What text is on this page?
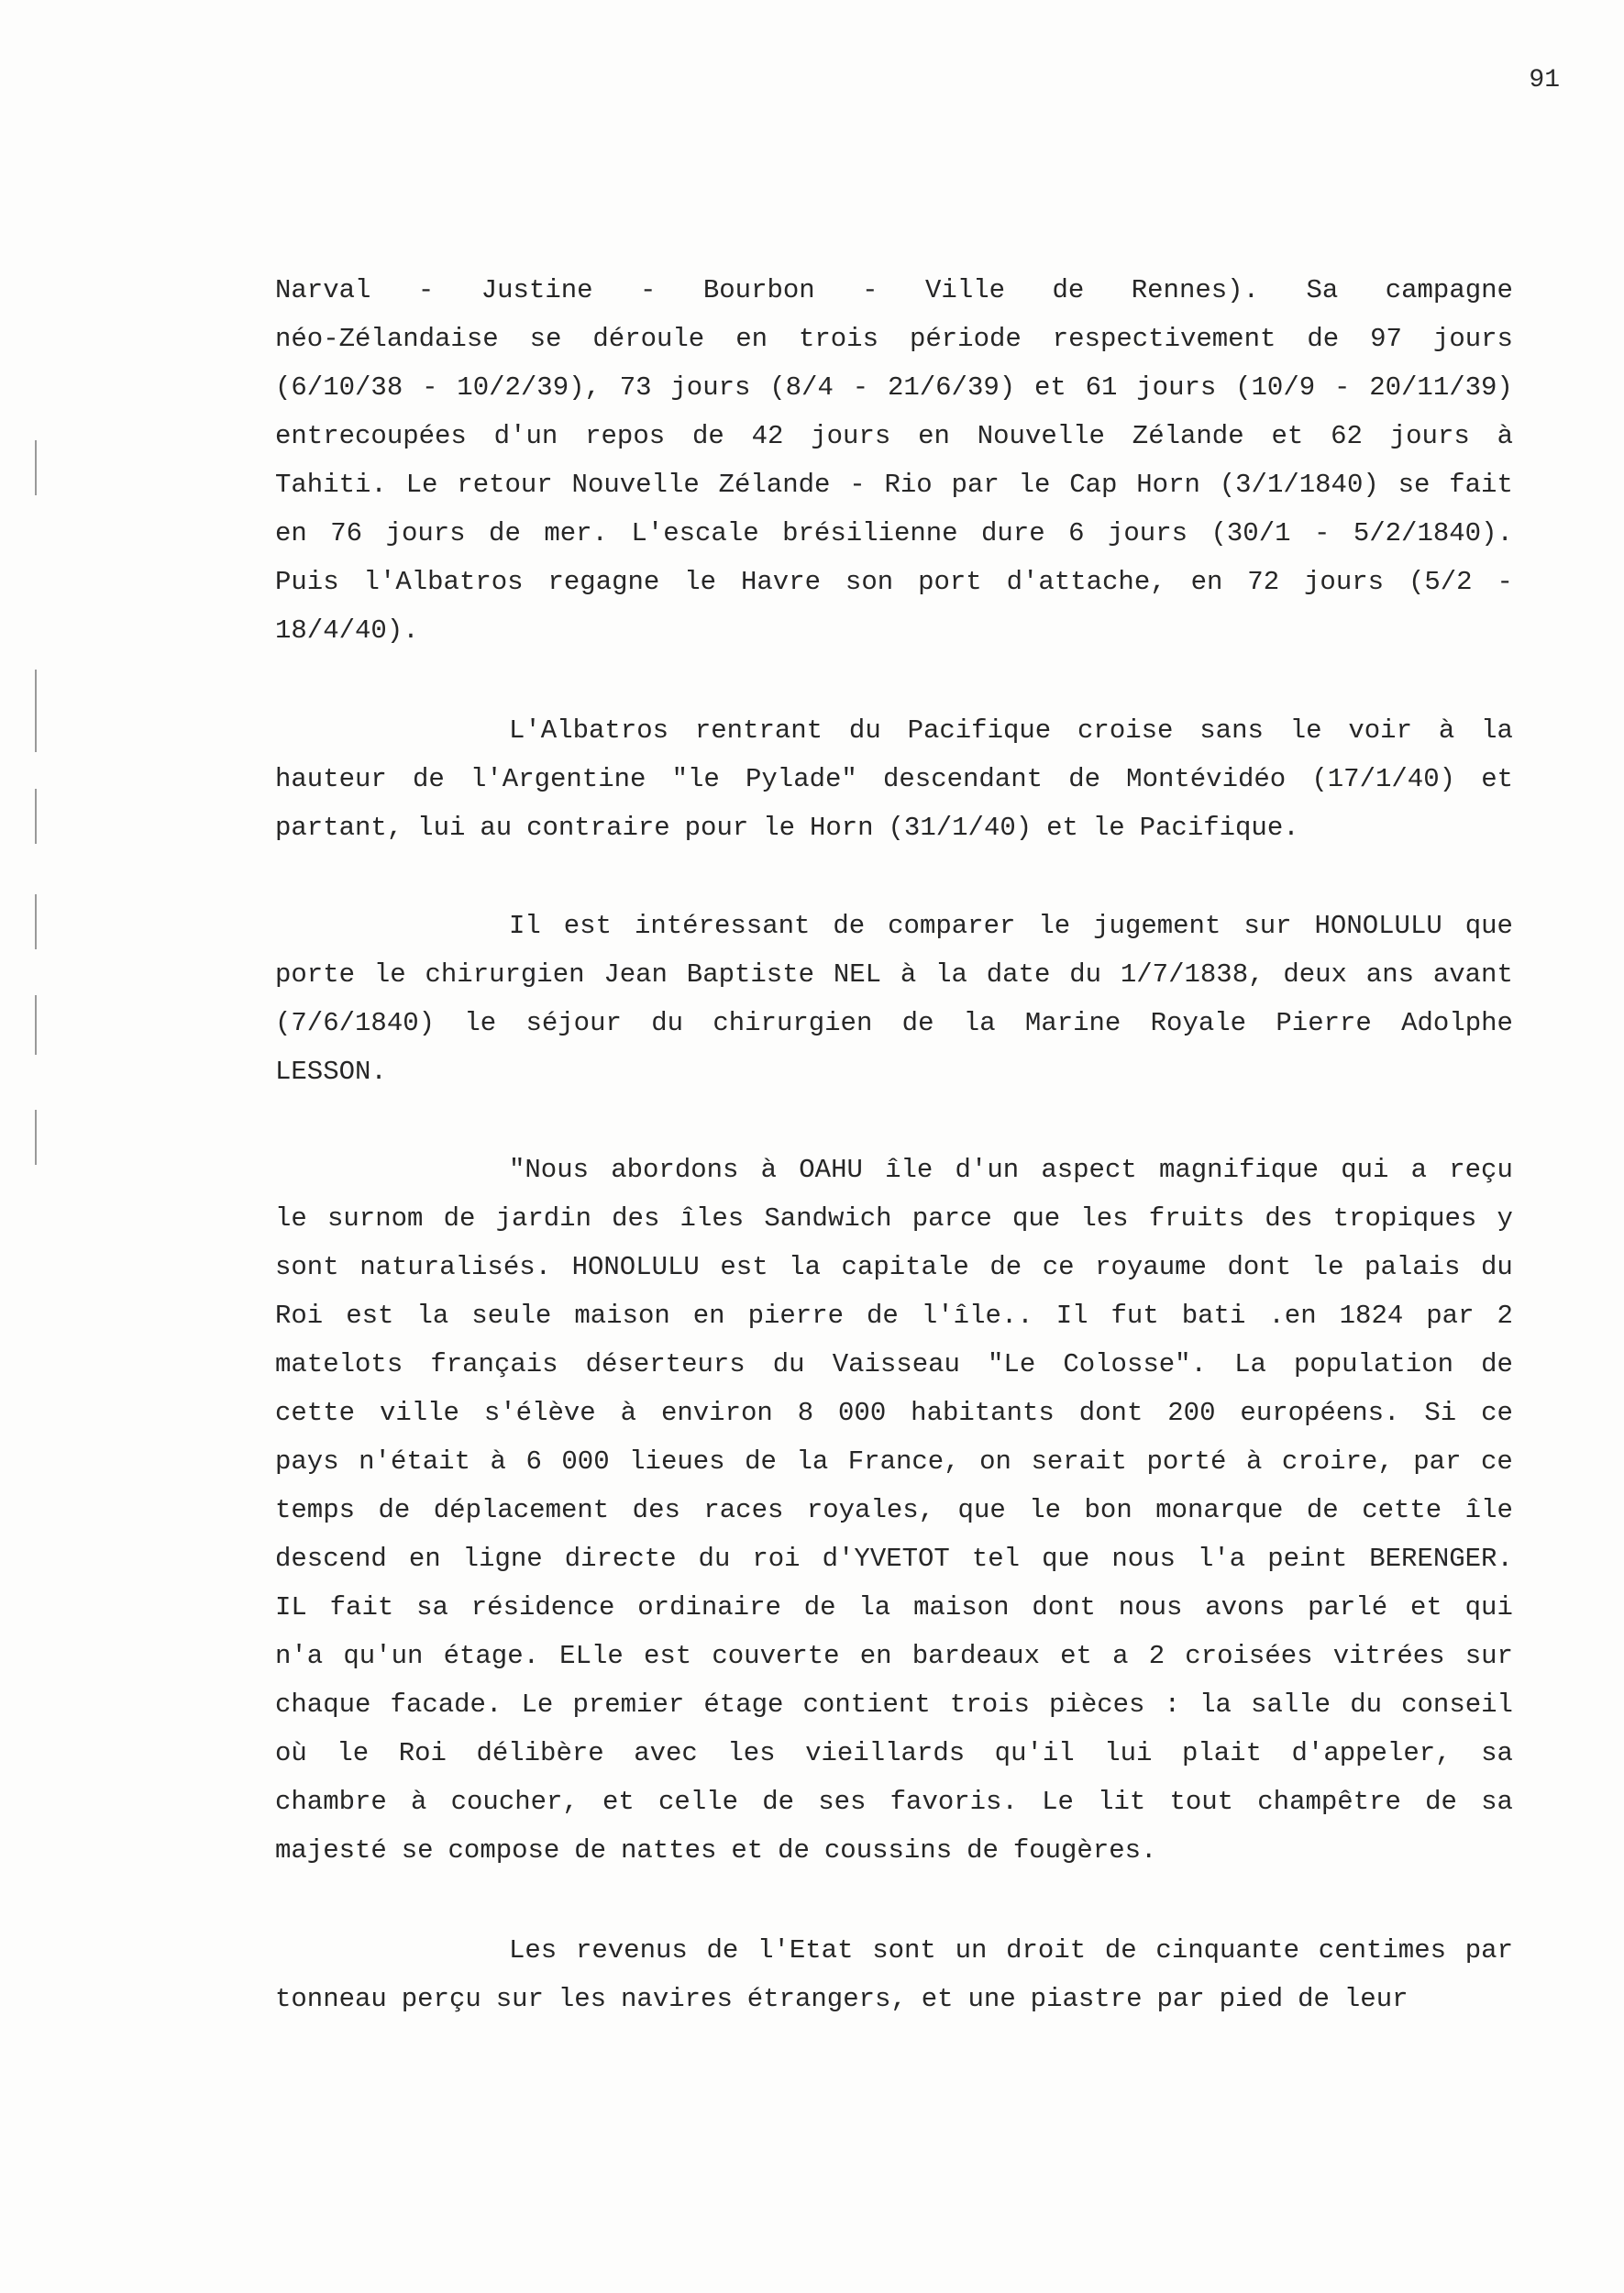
91
Narval - Justine - Bourbon - Ville de Rennes). Sa campagne
néo-Zélandaise se déroule en trois période respectivement de 97 jours
(6/10/38 - 10/2/39), 73 jours (8/4 - 21/6/39) et 61 jours (10/9 - 20/11/39)
entrecoupées d'un repos de 42 jours en Nouvelle Zélande et 62 jours à
Tahiti. Le retour Nouvelle Zélande - Rio par le Cap Horn (3/1/1840) se fait
en 76 jours de mer. L'escale brésilienne dure 6 jours (30/1 - 5/2/1840).
Puis l'Albatros regagne le Havre son port d'attache, en 72 jours (5/2 -
18/4/40).
L'Albatros rentrant du Pacifique croise sans le voir à la
hauteur de l'Argentine "le Pylade" descendant de Montévidéo (17/1/40) et
partant, lui au contraire pour le Horn (31/1/40) et le Pacifique.
Il est intéressant de comparer le jugement sur HONOLULU que
porte le chirurgien Jean Baptiste NEL à la date du 1/7/1838, deux ans avant
(7/6/1840) le séjour du chirurgien de la Marine Royale Pierre Adolphe
LESSON.
"Nous abordons à OAHU île d'un aspect magnifique qui a reçu
le surnom de jardin des îles Sandwich parce que les fruits des tropiques y
sont naturalisés. HONOLULU est la capitale de ce royaume dont le palais du
Roi est la seule maison en pierre de l'île.. Il fut bati .en 1824 par 2
matelots français déserteurs du Vaisseau "Le Colosse". La population de
cette ville s'élève à environ 8 000 habitants dont 200 européens. Si ce
pays n'était à 6 000 lieues de la France, on serait porté à croire, par ce
temps de déplacement des races royales, que le bon monarque de cette île
descend en ligne directe du roi d'YVETOT tel que nous l'a peint BERENGER.
IL fait sa résidence ordinaire de la maison dont nous avons parlé et qui
n'a qu'un étage. ELle est couverte en bardeaux et a 2 croisées vitrées sur
chaque facade. Le premier étage contient trois pièces : la salle du conseil
où le Roi délibère avec les vieillards qu'il lui plait d'appeler, sa
chambre à coucher, et celle de ses favoris. Le lit tout champêtre de sa
majesté se compose de nattes et de coussins de fougères.
Les revenus de l'Etat sont un droit de cinquante centimes par
tonneau perçu sur les navires étrangers, et une piastre par pied de leur
